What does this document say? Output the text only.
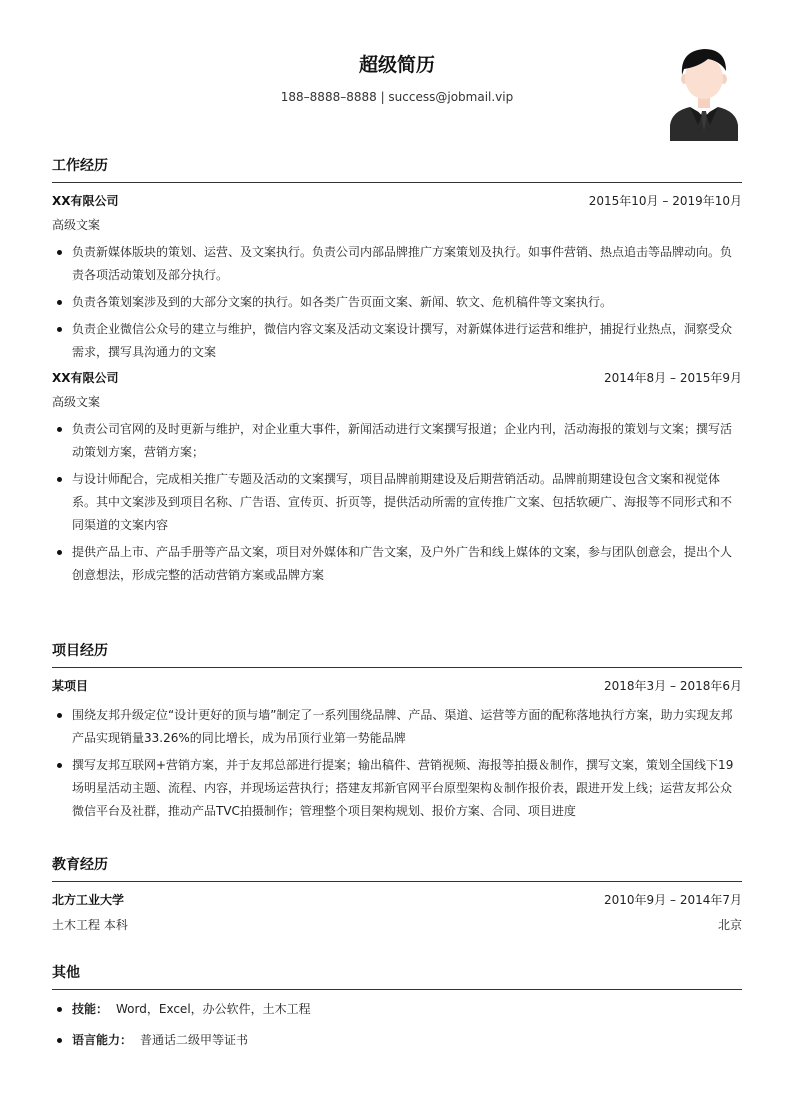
超级简历
188–8888–8888 | success@jobmail.vip
工作经历
XX有限公司	2015年10月 – 2019年10月
高级文案
负责新媒体版块的策划、运营、及文案执行。负责公司内部品牌推广方案策划及执行。如事件营销、热点追击等品牌动向。负责各项活动策划及部分执行。
负责各策划案涉及到的大部分文案的执行。如各类广告页面文案、新闻、软文、危机稿件等文案执行。
负责企业微信公众号的建立与维护，微信内容文案及活动文案设计撰写，对新媒体进行运营和维护，捕捉行业热点，洞察受众需求，撰写具沟通力的文案
XX有限公司	2014年8月 – 2015年9月
高级文案
负责公司官网的及时更新与维护，对企业重大事件，新闻活动进行文案撰写报道；企业内刊，活动海报的策划与文案；撰写活动策划方案，营销方案；
与设计师配合，完成相关推广专题及活动的文案撰写，项目品牌前期建设及后期营销活动。品牌前期建设包含文案和视觉体系。其中文案涉及到项目名称、广告语、宣传页、折页等，提供活动所需的宣传推广文案、包括软硬广、海报等不同形式和不同渠道的文案内容
提供产品上市、产品手册等产品文案，项目对外媒体和广告文案，及户外广告和线上媒体的文案，参与团队创意会，提出个人创意想法，形成完整的活动营销方案或品牌方案
项目经历
某项目	2018年3月 – 2018年6月
围绕友邦升级定位“设计更好的顶与墙”制定了一系列围绕品牌、产品、渠道、运营等方面的配称落地执行方案，助力实现友邦产品实现销量33.26%的同比增长，成为吊顶行业第一势能品牌
撰写友邦互联网+营销方案，并于友邦总部进行提案；输出稿件、营销视频、海报等拍摄＆制作，撰写文案，策划全国线下19场明星活动主题、流程、内容，并现场运营执行；搭建友邦新官网平台原型架构＆制作报价表，跟进开发上线；运营友邦公众微信平台及社群，推动产品TVC拍摄制作；管理整个项目架构规划、报价方案、合同、项目进度
教育经历
北方工业大学	2010年9月 – 2014年7月
土木工程 本科	北京
其他
技能： Word，Excel，办公软件，土木工程
语言能力： 普通话二级甲等证书
